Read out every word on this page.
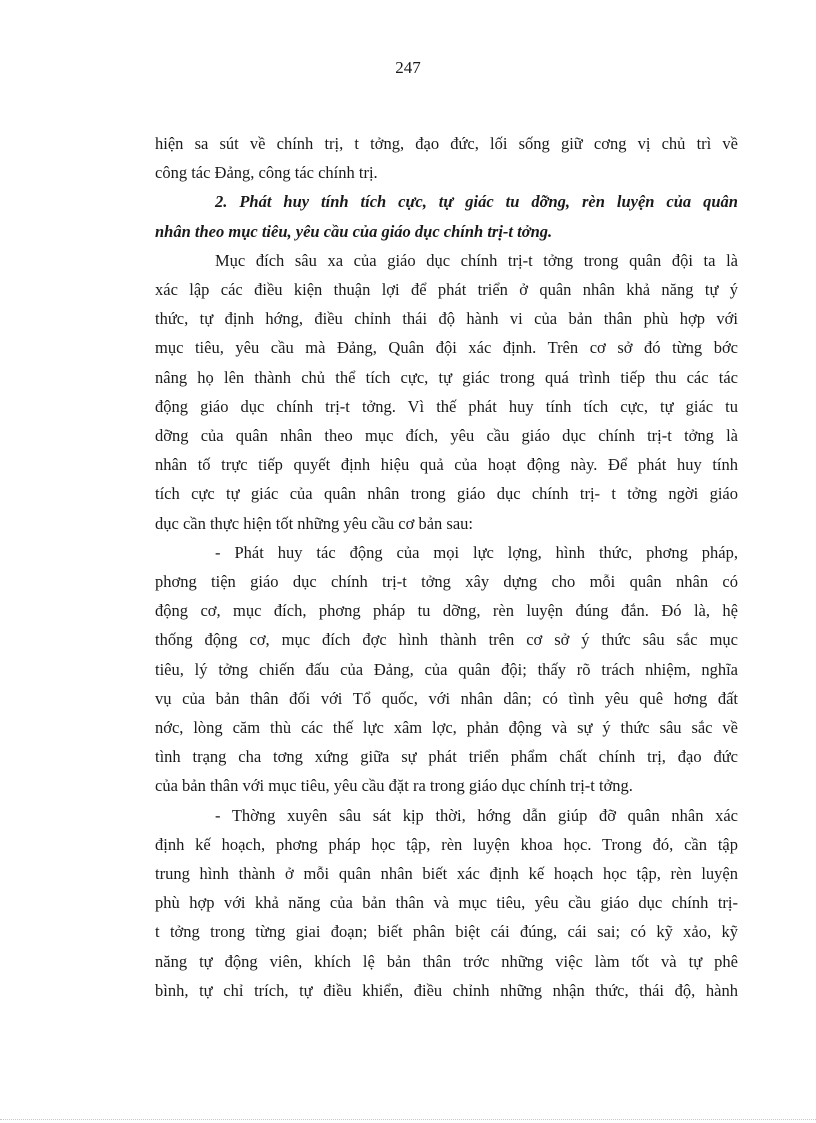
247
hiện sa sút về chính trị, t tởng, đạo đức, lối sống giữ cơng vị chủ trì về
công tác Đảng, công tác chính trị.
2. Phát huy tính tích cực, tự giác tu dỡng, rèn luyện của quân
nhân theo mục tiêu, yêu cầu của giáo dục chính trị-t tởng.
Mục đích sâu xa của giáo dục chính trị-t tởng trong quân đội ta là
xác lập các điều kiện thuận lợi để phát triển ở quân nhân khả năng tự ý
thức, tự định hớng, điều chỉnh thái độ hành vi của bản thân phù hợp với
mục tiêu, yêu cầu mà Đảng, Quân đội xác định. Trên cơ sở đó từng bớc
nâng họ lên thành chủ thể tích cực, tự giác trong quá trình tiếp thu các tác
động giáo dục chính trị-t tởng. Vì thế phát huy tính tích cực, tự giác tu
dỡng của quân nhân theo mục đích, yêu cầu giáo dục chính trị-t tởng là
nhân tố trực tiếp quyết định hiệu quả của hoạt động này. Để phát huy tính
tích cực tự giác của quân nhân trong giáo dục chính trị- t tởng ngời giáo
dục cần thực hiện tốt những yêu cầu cơ bản sau:
- Phát huy tác động của mọi lực lợng, hình thức, phơng pháp,
phơng tiện giáo dục chính trị-t tởng xây dựng cho mỗi quân nhân có
động cơ, mục đích, phơng pháp tu dỡng, rèn luyện đúng đắn. Đó là, hệ
thống động cơ, mục đích đợc hình thành trên cơ sở ý thức sâu sắc mục
tiêu, lý tởng chiến đấu của Đảng, của quân đội; thấy rõ trách nhiệm, nghĩa
vụ của bản thân đối với Tổ quốc, với nhân dân; có tình yêu quê hơng đất
nớc, lòng căm thù các thế lực xâm lợc, phản động và sự ý thức sâu sắc về
tình trạng cha tơng xứng giữa sự phát triển phẩm chất chính trị, đạo đức
của bản thân với mục tiêu, yêu cầu đặt ra trong giáo dục chính trị-t tởng.
- Thờng xuyên sâu sát kịp thời, hớng dẫn giúp đỡ quân nhân xác
định kế hoạch, phơng pháp học tập, rèn luyện khoa học. Trong đó, cần tập
trung hình thành ở mỗi quân nhân biết xác định kế hoạch học tập, rèn luyện
phù hợp với khả năng của bản thân và mục tiêu, yêu cầu giáo dục chính trị-
t tởng trong từng giai đoạn; biết phân biệt cái đúng, cái sai; có kỹ xảo, kỹ
năng tự động viên, khích lệ bản thân trớc những việc làm tốt và tự phê
bình, tự chỉ trích, tự điều khiển, điều chỉnh những nhận thức, thái độ, hành
